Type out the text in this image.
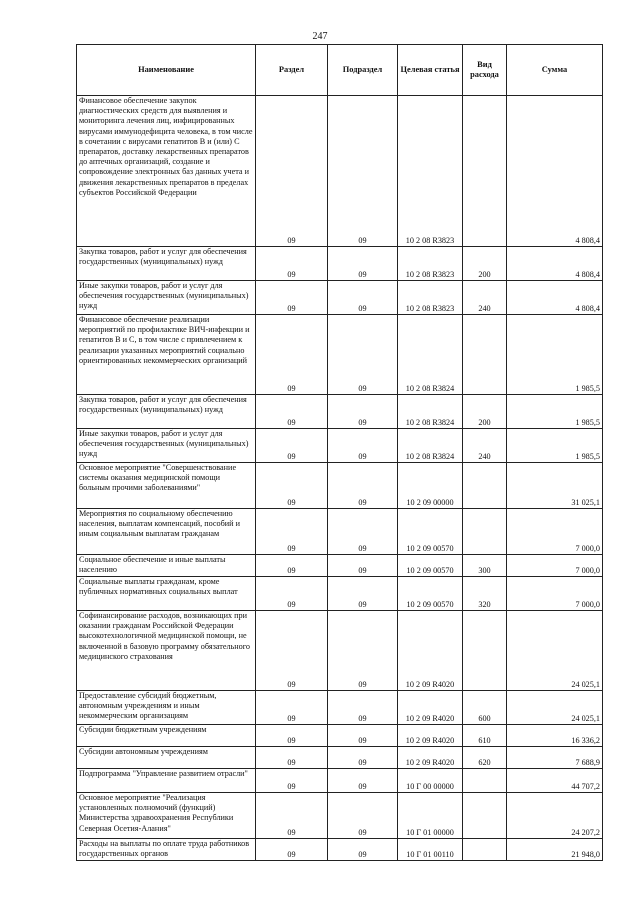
247
Наименование	Раздел	Подраздел	Целевая статья	Вид расхода	Сумма
Финансовое обеспечение закупок диагностических средств для выявления и мониторинга лечения лиц, инфицированных вирусами иммунодефицита человека, в том числе в сочетании с вирусами гепатитов B и (или) C препаратов, доставку лекарственных препаратов до аптечных организаций, создание и сопровождение электронных баз данных учета и движения лекарственных препаратов в пределах субъектов Российской Федерации	09	09	10 2 08 R3823		4 808,4
Закупка товаров, работ и услуг для обеспечения государственных (муниципальных) нужд	09	09	10 2 08 R3823	200	4 808,4
Иные закупки товаров, работ и услуг для обеспечения государственных (муниципальных) нужд	09	09	10 2 08 R3823	240	4 808,4
Финансовое обеспечение реализации мероприятий по профилактике ВИЧ-инфекции и гепатитов B и C, в том числе с привлечением к реализации указанных мероприятий социально ориентированных некоммерческих организаций	09	09	10 2 08 R3824		1 985,5
Закупка товаров, работ и услуг для обеспечения государственных (муниципальных) нужд	09	09	10 2 08 R3824	200	1 985,5
Иные закупки товаров, работ и услуг для обеспечения государственных (муниципальных) нужд	09	09	10 2 08 R3824	240	1 985,5
Основное мероприятие "Совершенствование системы оказания медицинской помощи больным прочими заболеваниями"	09	09	10 2 09 00000		31 025,1
Мероприятия по социальному обеспечению населения, выплатам компенсаций, пособий и иным социальным выплатам гражданам	09	09	10 2 09 00570		7 000,0
Социальное обеспечение и иные выплаты населению	09	09	10 2 09 00570	300	7 000,0
Социальные выплаты гражданам, кроме публичных нормативных социальных выплат	09	09	10 2 09 00570	320	7 000,0
Софинансирование расходов, возникающих при оказании гражданам Российской Федерации высокотехнологичной медицинской помощи, не включенной в базовую программу обязательного медицинского страхования	09	09	10 2 09 R4020		24 025,1
Предоставление субсидий бюджетным, автономным учреждениям и иным некоммерческим организациям	09	09	10 2 09 R4020	600	24 025,1
Субсидии бюджетным учреждениям	09	09	10 2 09 R4020	610	16 336,2
Субсидии автономным учреждениям	09	09	10 2 09 R4020	620	7 688,9
Подпрограмма "Управление развитием отрасли"	09	09	10 Г 00 00000		44 707,2
Основное мероприятие "Реализация установленных полномочий (функций) Министерства здравоохранения Республики Северная Осетия-Алания"	09	09	10 Г 01 00000		24 207,2
Расходы на выплаты по оплате труда работников государственных органов	09	09	10 Г 01 00110		21 948,0
